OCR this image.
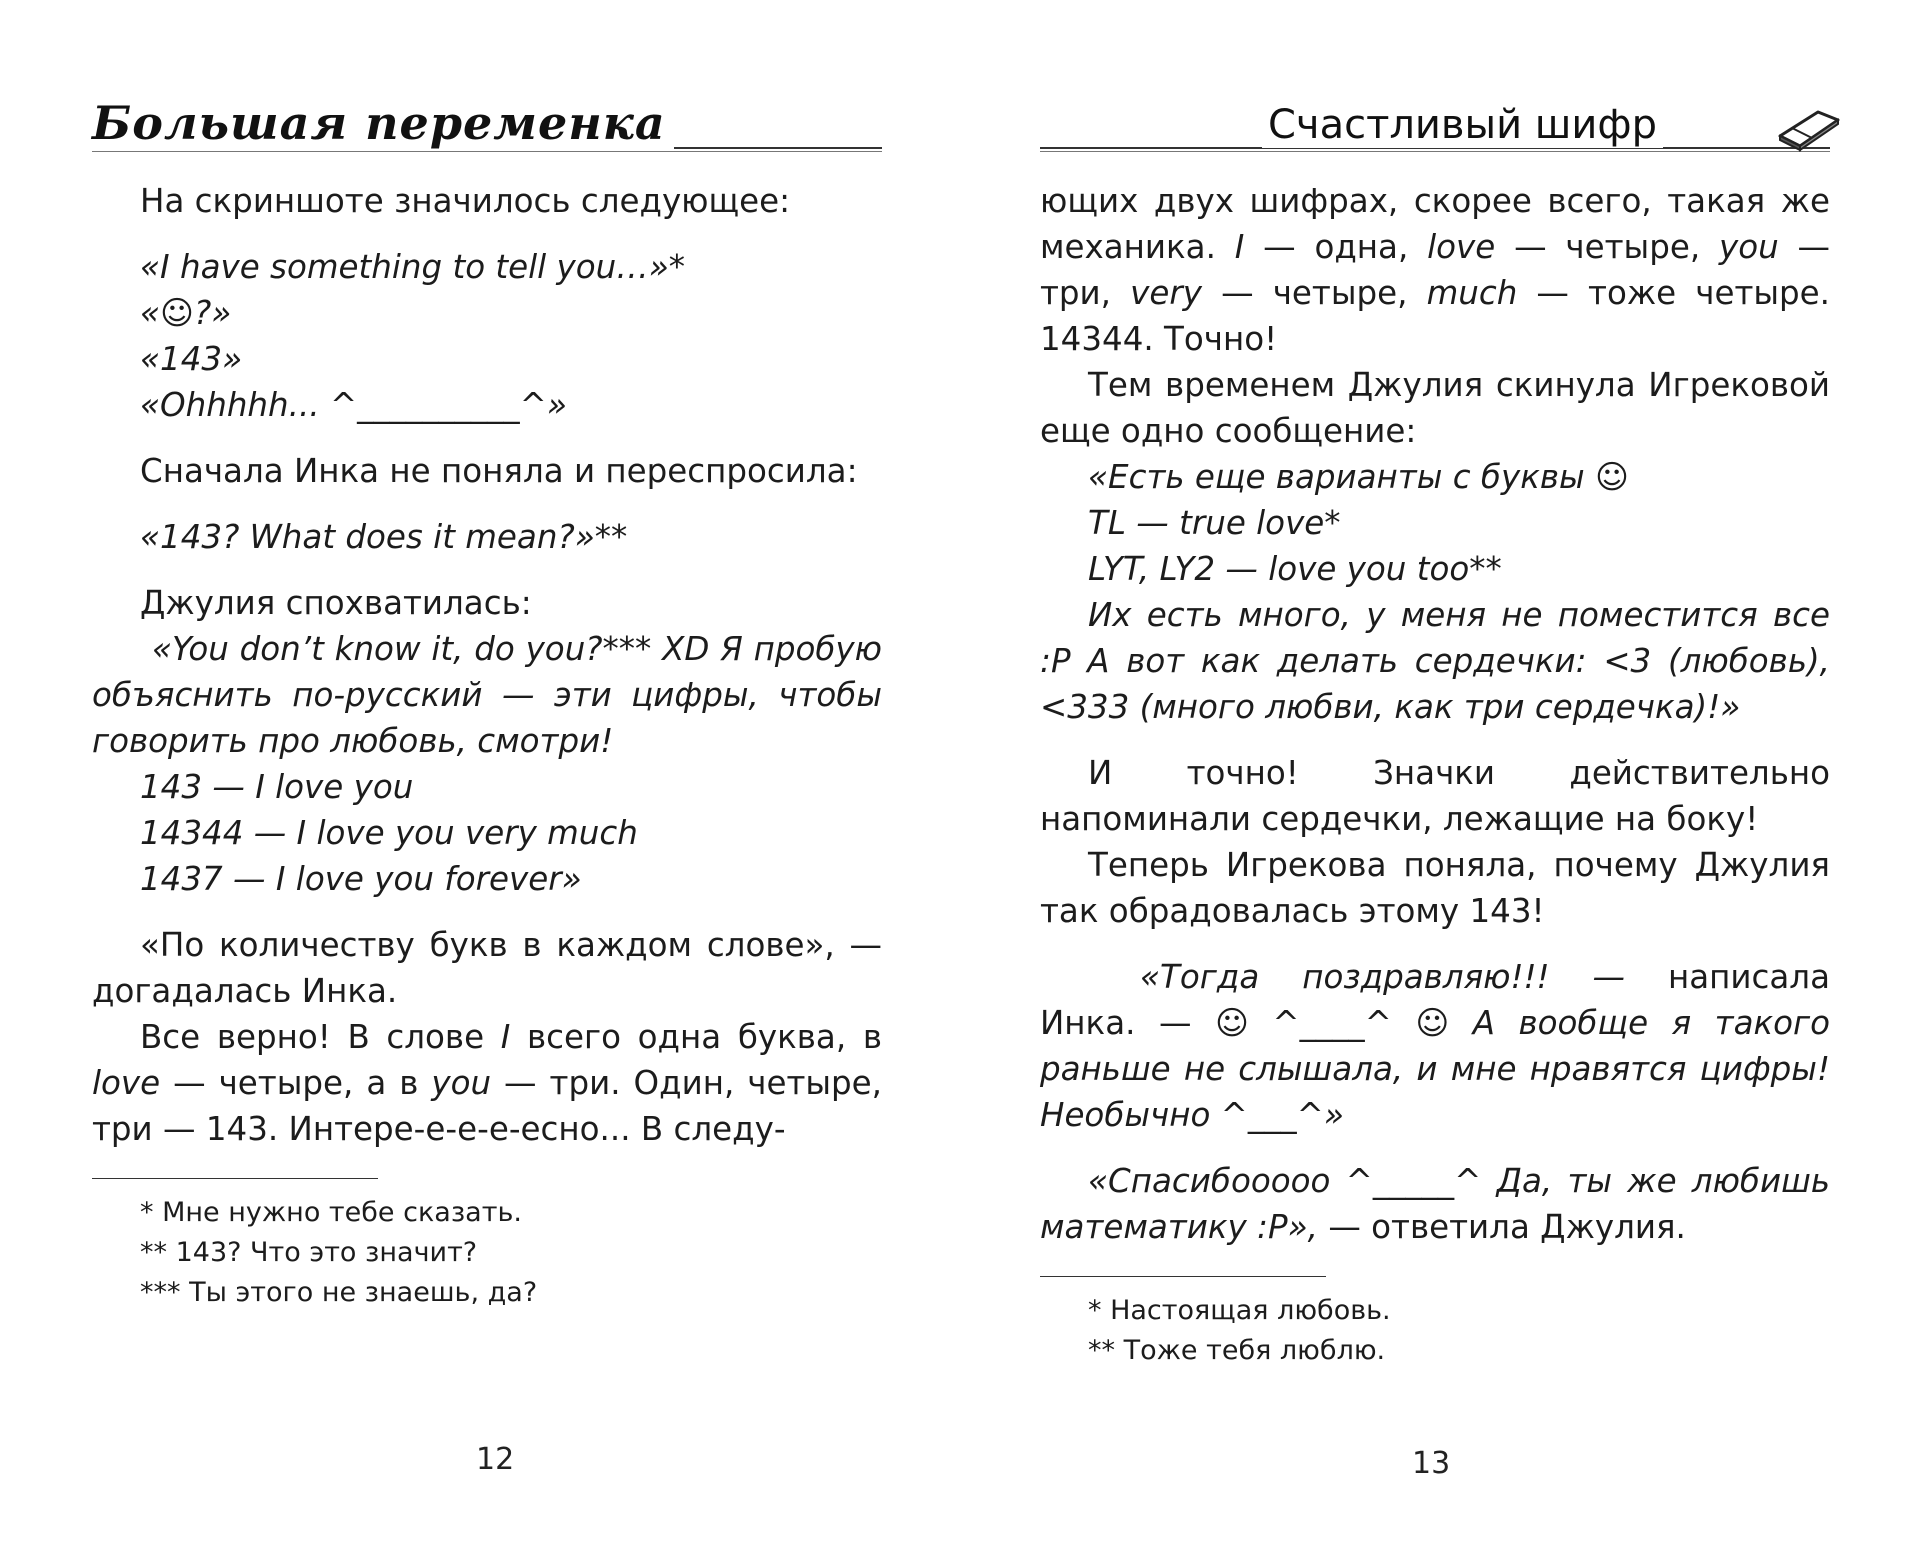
Большая переменка

На скриншоте значилось следующее:

«I have something to tell you…»*
«☺?»
«143»
«Ohhhhh... ^__________^»

Сначала Инка не поняла и переспросила:

«143? What does it mean?»**

Джулия спохватилась:

«You don’t know it, do you?*** XD Я пробую объяснить по-русский — эти цифры, чтобы говорить про любовь, смотри!
143 — I love you
14344 — I love you very much
1437 — I love you forever»

«По количеству букв в каждом слове», — догадалась Инка.

Все верно! В слове I всего одна буква, в love — четыре, а в you — три. Один, четыре, три — 143. Интере-е-е-е-есно... В следу-

* Мне нужно тебе сказать.
** 143? Что это значит?
*** Ты этого не знаешь, да?
12
Счастливый шифр

ющих двух шифрах, скорее всего, такая же механика. I — одна, love — четыре, you — три, very — четыре, much — тоже четыре. 14344. Точно!

Тем временем Джулия скинула Игрековой еще одно сообщение:

«Есть еще варианты с буквы ☺
TL — true love*
LYT, LY2 — love you too**
Их есть много, у меня не поместится все :P А вот как делать сердечки: <3 (любовь), <333 (много любви, как три сердечка)!»

И точно! Значки действительно напоминали сердечки, лежащие на боку!

Теперь Игрекова поняла, почему Джулия так обрадовалась этому 143!

«Тогда поздравляю!!! — написала Инка. — ☺ ^____^ ☺ А вообще я такого раньше не слышала, и мне нравятся цифры! Необычно ^___^»

«Спасибооооо ^_____^ Да, ты же любишь математику :P», — ответила Джулия.

* Настоящая любовь.
** Тоже тебя люблю.
13
